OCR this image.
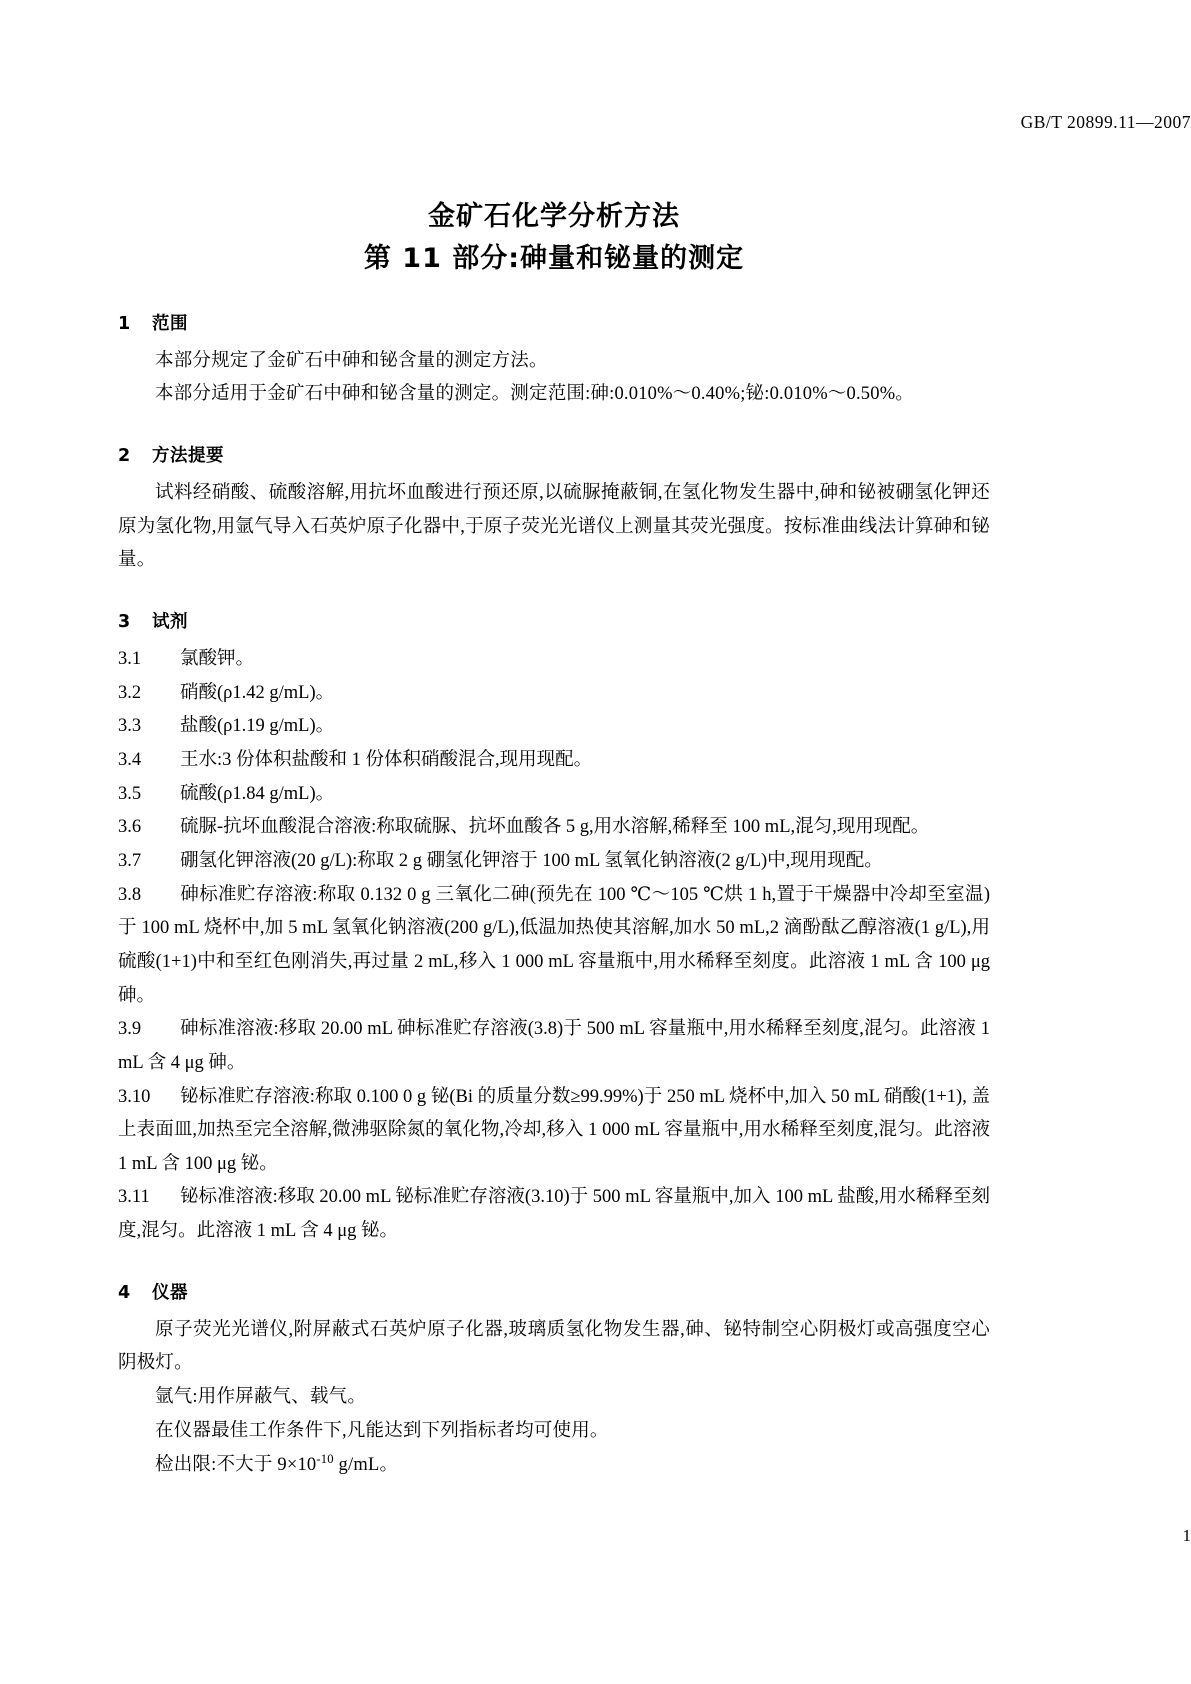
GB/T 20899.11—2007
金矿石化学分析方法
第 11 部分:砷量和铋量的测定
1 范围

本部分规定了金矿石中砷和铋含量的测定方法。

本部分适用于金矿石中砷和铋含量的测定。测定范围:砷:0.010%～0.40%;铋:0.010%～0.50%。

2 方法提要

试料经硝酸、硫酸溶解,用抗坏血酸进行预还原,以硫脲掩蔽铜,在氢化物发生器中,砷和铋被硼氢化钾还原为氢化物,用氩气导入石英炉原子化器中,于原子荧光光谱仪上测量其荧光强度。按标准曲线法计算砷和铋量。

3 试剂

3.1 氯酸钾。

3.2 硝酸(ρ1.42 g/mL)。

3.3 盐酸(ρ1.19 g/mL)。

3.4 王水:3 份体积盐酸和 1 份体积硝酸混合,现用现配。

3.5 硫酸(ρ1.84 g/mL)。

3.6 硫脲-抗坏血酸混合溶液:称取硫脲、抗坏血酸各 5 g,用水溶解,稀释至 100 mL,混匀,现用现配。

3.7 硼氢化钾溶液(20 g/L):称取 2 g 硼氢化钾溶于 100 mL 氢氧化钠溶液(2 g/L)中,现用现配。

3.8 砷标准贮存溶液:称取 0.132 0 g 三氧化二砷(预先在 100 ℃～105 ℃烘 1 h,置于干燥器中冷却至室温)于 100 mL 烧杯中,加 5 mL 氢氧化钠溶液(200 g/L),低温加热使其溶解,加水 50 mL,2 滴酚酞乙醇溶液(1 g/L),用硫酸(1+1)中和至红色刚消失,再过量 2 mL,移入 1 000 mL 容量瓶中,用水稀释至刻度。此溶液 1 mL 含 100 μg 砷。

3.9 砷标准溶液:移取 20.00 mL 砷标准贮存溶液(3.8)于 500 mL 容量瓶中,用水稀释至刻度,混匀。此溶液 1 mL 含 4 μg 砷。

3.10 铋标准贮存溶液:称取 0.100 0 g 铋(Bi 的质量分数≥99.99%)于 250 mL 烧杯中,加入 50 mL 硝酸(1+1), 盖上表面皿,加热至完全溶解,微沸驱除氮的氧化物,冷却,移入 1 000 mL 容量瓶中,用水稀释至刻度,混匀。此溶液 1 mL 含 100 μg 铋。

3.11 铋标准溶液:移取 20.00 mL 铋标准贮存溶液(3.10)于 500 mL 容量瓶中,加入 100 mL 盐酸,用水稀释至刻度,混匀。此溶液 1 mL 含 4 μg 铋。

4 仪器

原子荧光光谱仪,附屏蔽式石英炉原子化器,玻璃质氢化物发生器,砷、铋特制空心阴极灯或高强度空心阴极灯。

氩气:用作屏蔽气、载气。

在仪器最佳工作条件下,凡能达到下列指标者均可使用。

检出限:不大于 $9\times 10^{-10}$ g/mL。

1
